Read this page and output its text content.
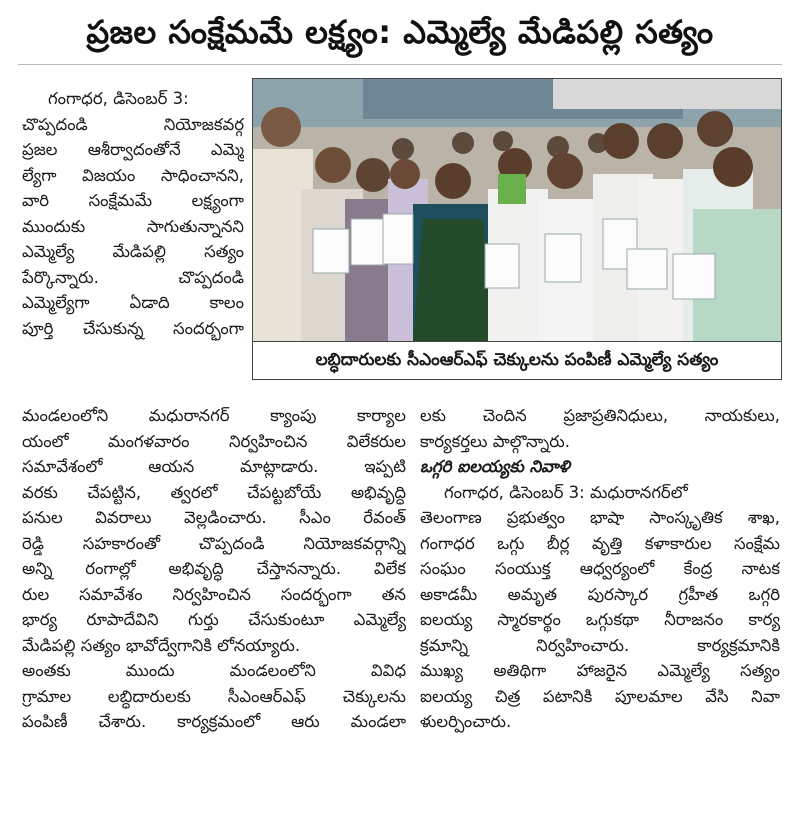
ప్రజల సంక్షేమమే లక్ష్యం: ఎమ్మెల్యే మేడిపల్లి సత్యం
గంగాధర, డిసెంబర్ 3:
చొప్పదండి నియోజకవర్గ
ప్రజల ఆశీర్వాదంతోనే ఎమ్మె
ల్యేగా విజయం సాధించానని,
వారి సంక్షేమమే లక్ష్యంగా
ముందుకు సాగుతున్నానని
ఎమ్మెల్యే మేడిపల్లి సత్యం
పేర్కొన్నారు. చొప్పదండి
ఎమ్మెల్యేగా ఏడాది కాలం
పూర్తి చేసుకున్న సందర్భంగా
లబ్ధిదారులకు సీఎంఆర్ఎఫ్ చెక్కులను పంపిణీ ఎమ్మెల్యే సత్యం
మండలంలోని మధురానగర్ క్యాంపు కార్యాల
యంలో మంగళవారం నిర్వహించిన విలేకరుల
సమావేశంలో ఆయన మాట్లాడారు. ఇప్పటి
వరకు చేపట్టిన, త్వరలో చేపట్టబోయే అభివృద్ధి
పనుల వివరాలు వెల్లడించారు. సీఎం రేవంత్
రెడ్డి సహకారంతో చొప్పదండి నియోజకవర్గాన్ని
అన్ని రంగాల్లో అభివృద్ధి చేస్తానన్నారు. విలేక
రుల సమావేశం నిర్వహించిన సందర్భంగా తన
భార్య రూపాదేవిని గుర్తు చేసుకుంటూ ఎమ్మెల్యే
మేడిపల్లి సత్యం భావోద్వేగానికి లోనయ్యారు.
అంతకు ముందు మండలంలోని వివిధ
గ్రామాల లబ్ధిదారులకు సీఎంఆర్ఎఫ్ చెక్కులను
పంపిణీ చేశారు. కార్యక్రమంలో ఆరు మండలా
లకు చెందిన ప్రజాప్రతినిధులు, నాయకులు,
కార్యకర్తలు పాల్గొన్నారు.
ఒగ్గరి ఐలయ్యకు నివాళి
గంగాధర, డిసెంబర్ 3: మధురానగర్‌లో
తెలంగాణ ప్రభుత్వం భాషా సాంస్కృతిక శాఖ,
గంగాధర ఒగ్గు బీర్ల వృత్తి కళాకారుల సంక్షేమ
సంఘం సంయుక్త ఆధ్వర్యంలో కేంద్ర నాటక
అకాడమీ అమృత పురస్కార గ్రహీత ఒగ్గరి
ఐలయ్య స్మారకార్థం ఒగ్గుకథా నీరాజనం కార్య
క్రమాన్ని నిర్వహించారు. కార్యక్రమానికి
ముఖ్య అతిథిగా హాజరైన ఎమ్మెల్యే సత్యం
ఐలయ్య చిత్ర పటానికి పూలమాల వేసి నివా
ళులర్పించారు.
